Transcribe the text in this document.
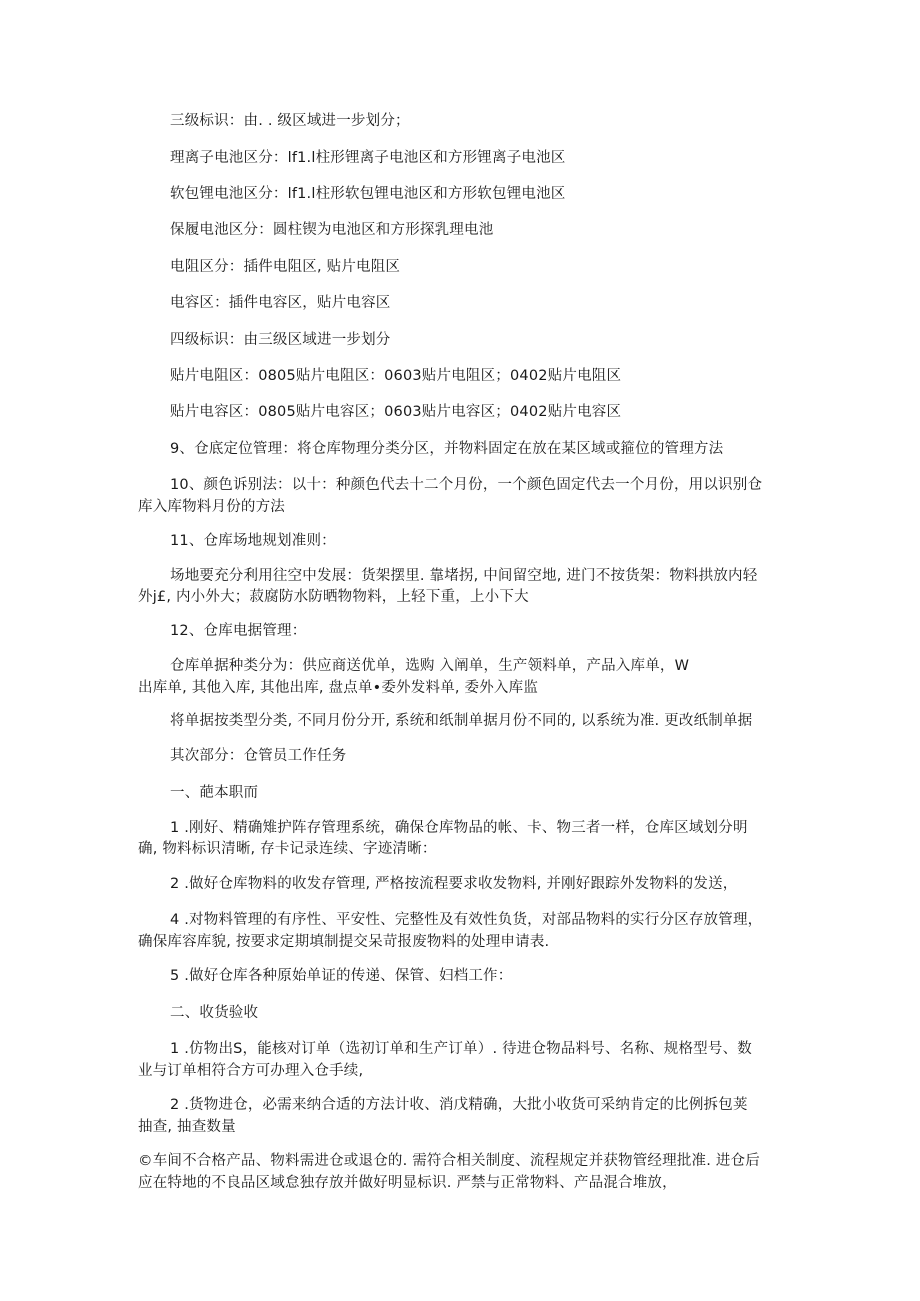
三级标识：由. . 级区域进一步划分；

理离子电池区分：lf1.l柱形锂离子电池区和方形锂离子电池区

软包锂电池区分：lf1.l柱形软包锂电池区和方形软包锂电池区

保履电池区分：圆柱锲为电池区和方形探乳理电池

电阻区分：插件电阻区, 贴片电阻区

电容区：插件电容区，贴片电容区

四级标识：由三级区域进一步划分

贴片电阻区：0805贴片电阻区：0603贴片电阻区；0402贴片电阻区

贴片电容区：0805贴片电容区；0603贴片电容区；0402贴片电容区

9、仓底定位管理：将仓库物理分类分区，并物料固定在放在某区域或箍位的管理方法

10、颜色诉别法：以十：种颜色代去十二个月份，一个颜色固定代去一个月份，用以识别仓

库入库物料月份的方法

11、仓库场地规划准则：

场地要充分利用往空中发展：货架摆里. 靠堵拐, 中间留空地, 进门不按货架：物料拱放内轻

外j£, 内小外大；菽腐防水防晒物物料，上轻下重，上小下大

12、仓库电据管理：

仓库单据种类分为：供应商送优单，选购 入阐单，生产领料单，产品入库单，W

出库单, 其他入库, 其他出库, 盘点单•委外发料单, 委外入库监

将单据按类型分类, 不同月份分开, 系统和纸制单据月份不同的, 以系统为准. 更改纸制单据

其次部分：仓管员工作任务

一、葩本职而

1 .刚好、精确雉护阵存管理系统，确保仓库物品的帐、卡、物三者一样，仓库区域划分明

确, 物料标识清晰, 存卡记录连续、字迹清晰：

2 .做好仓库物料的收发存管理, 严格按流程要求收发物料, 并刚好跟踪外发物料的发送，

4 .对物料管理的有序性、平安性、完整性及有效性负货，对部品物料的实行分区存放管理，

确保库容库貌, 按要求定期填制提交呆苛报废物料的处理申请表.

5 .做好仓库各种原始单证的传递、保管、妇档工作：

二、收货验收

1 .仿物出S，能核对订单（选初订单和生产订单）. 待进仓物品料号、名称、规格型号、数

业与订单相符合方可办理入仓手续,

2 .货物进仓，必需来纳合适的方法计收、消戊精确，大批小收货可采纳肯定的比例拆包荚

抽查, 抽查数量

©车间不合格产品、物料需进仓或退仓的. 需符合相关制度、流程规定并获物管经理批准. 进仓后

应在特地的不良品区域怠独存放并做好明显标识. 严禁与正常物料、产品混合堆放，
